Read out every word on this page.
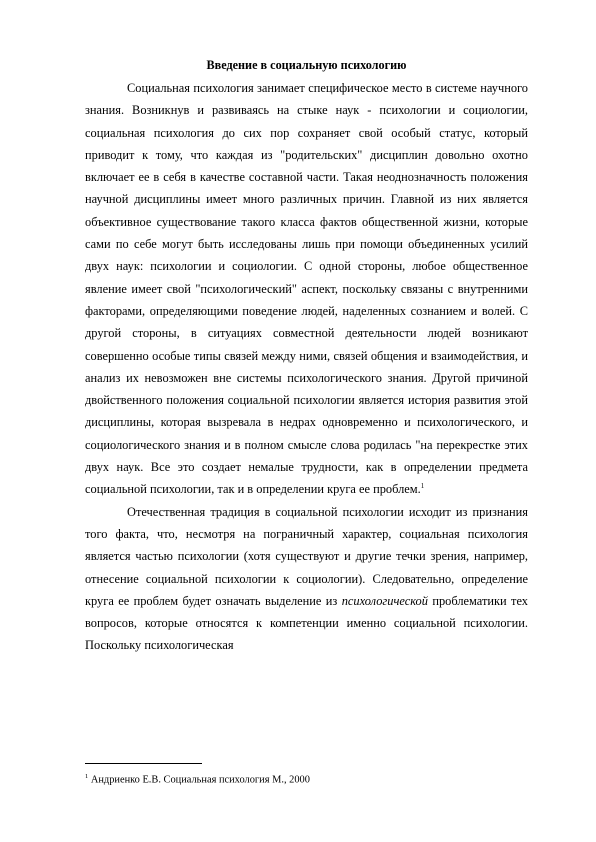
Введение в социальную психологию

Социальная психология занимает специфическое место в системе научного знания. Возникнув и развиваясь на стыке наук - психологии и социологии, социальная психология до сих пор сохраняет свой особый статус, который приводит к тому, что каждая из "родительских" дисциплин довольно охотно включает ее в себя в качестве составной части. Такая неоднозначность положения научной дисциплины имеет много различных причин. Главной из них является объективное существование такого класса фактов общественной жизни, которые сами по себе могут быть исследованы лишь при помощи объединенных усилий двух наук: психологии и социологии. С одной стороны, любое общественное явление имеет свой "психологический" аспект, поскольку связаны с внутренними факторами, определяющими поведение людей, наделенных сознанием и волей. С другой стороны, в ситуациях совместной деятельности людей возникают совершенно особые типы связей между ними, связей общения и взаимодействия, и анализ их невозможен вне системы психологического знания. Другой причиной двойственного положения социальной психологии является история развития этой дисциплины, которая вызревала в недрах одновременно и психологического, и социологического знания и в полном смысле слова родилась "на перекрестке этих двух наук. Все это создает немалые трудности, как в определении предмета социальной психологии, так и в определении круга ее проблем.$^1$

Отечественная традиция в социальной психологии исходит из признания того факта, что, несмотря на пограничный характер, социальная психология является частью психологии (хотя существуют и другие течки зрения, например, отнесение социальной психологии к социологии). Следовательно, определение круга ее проблем будет означать выделение из психологической проблематики тех вопросов, которые относятся к компетенции именно социальной психологии. Поскольку психологическая

$^1$ Андриенко Е.В. Социальная психология М., 2000
